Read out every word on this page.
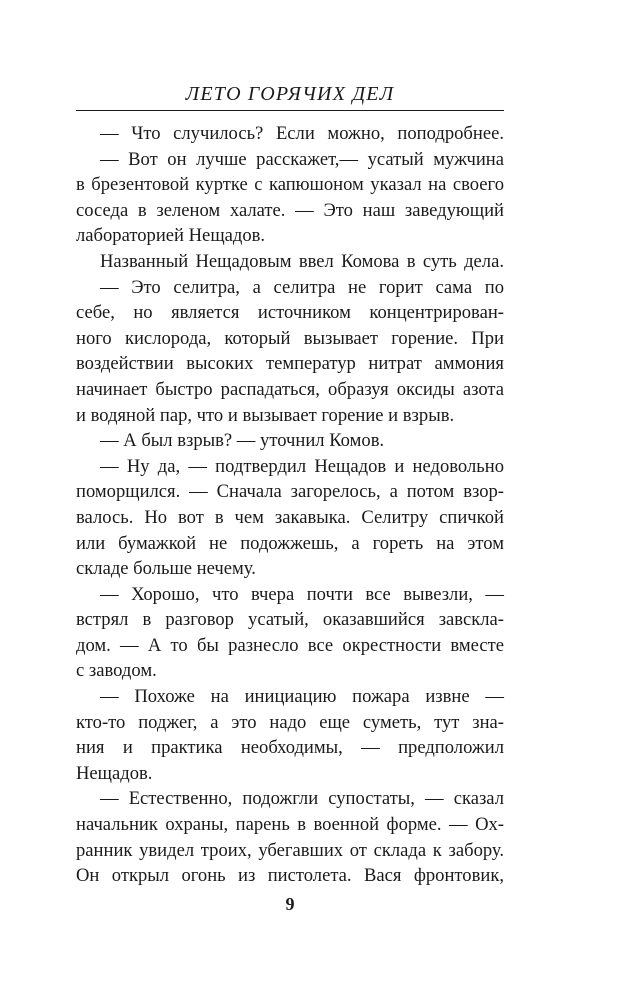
ЛЕТО ГОРЯЧИХ ДЕЛ
— Что случилось? Если можно, поподробнее.
— Вот он лучше расскажет,— усатый мужчина
в брезентовой куртке с капюшоном указал на своего
соседа в зеленом халате. — Это наш заведующий
лабораторией Нещадов.
Названный Нещадовым ввел Комова в суть дела.
— Это селитра, а селитра не горит сама по
себе, но является источником концентрирован-
ного кислорода, который вызывает горение. При
воздействии высоких температур нитрат аммония
начинает быстро распадаться, образуя оксиды азота
и водяной пар, что и вызывает горение и взрыв.
— А был взрыв? — уточнил Комов.
— Ну да, — подтвердил Нещадов и недовольно
поморщился. — Сначала загорелось, а потом взор-
валось. Но вот в чем закавыка. Селитру спичкой
или бумажкой не подожжешь, а гореть на этом
складе больше нечему.
— Хорошо, что вчера почти все вывезли, —
встрял в разговор усатый, оказавшийся завсклa-
дом. — А то бы разнесло все окрестности вместе
с заводом.
— Похоже на инициацию пожара извне —
кто-то поджег, а это надо еще суметь, тут зна-
ния и практика необходимы, — предположил
Нещадов.
— Естественно, подожгли супостаты, — сказал
начальник охраны, парень в военной форме. — Ох-
ранник увидел троих, убегавших от склада к забору.
Он открыл огонь из пистолета. Вася фронтовик,
9
